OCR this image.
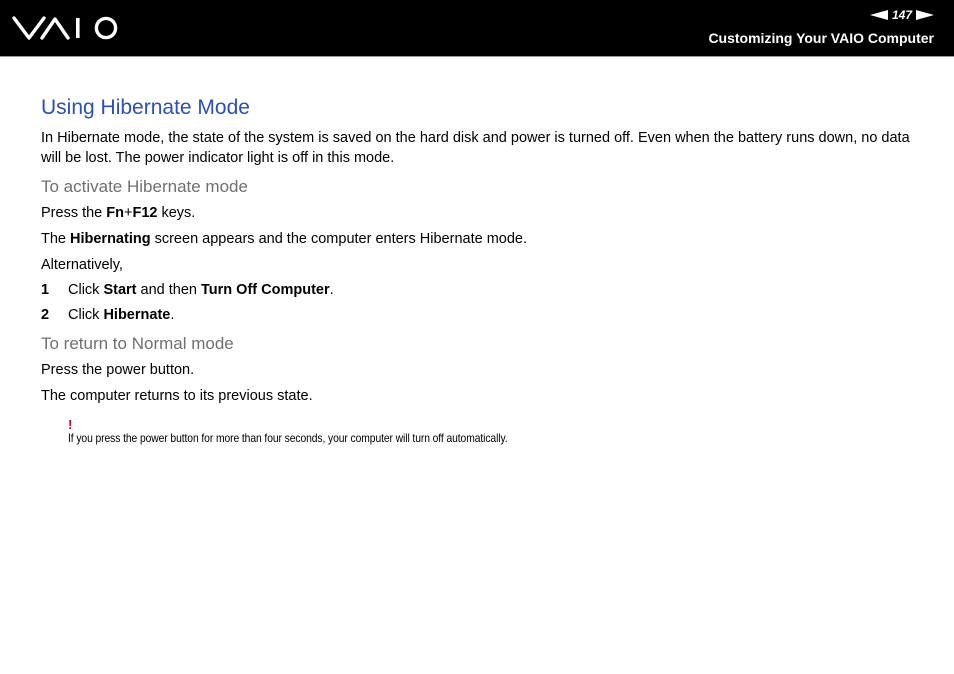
147
Customizing Your VAIO Computer
Using Hibernate Mode

In Hibernate mode, the state of the system is saved on the hard disk and power is turned off. Even when the battery runs down, no data will be lost. The power indicator light is off in this mode.

To activate Hibernate mode

Press the Fn+F12 keys.

The Hibernating screen appears and the computer enters Hibernate mode.

Alternatively,

1	Click Start and then Turn Off Computer.
2	Click Hibernate.
To return to Normal mode

Press the power button.

The computer returns to its previous state.

!
If you press the power button for more than four seconds, your computer will turn off automatically.
